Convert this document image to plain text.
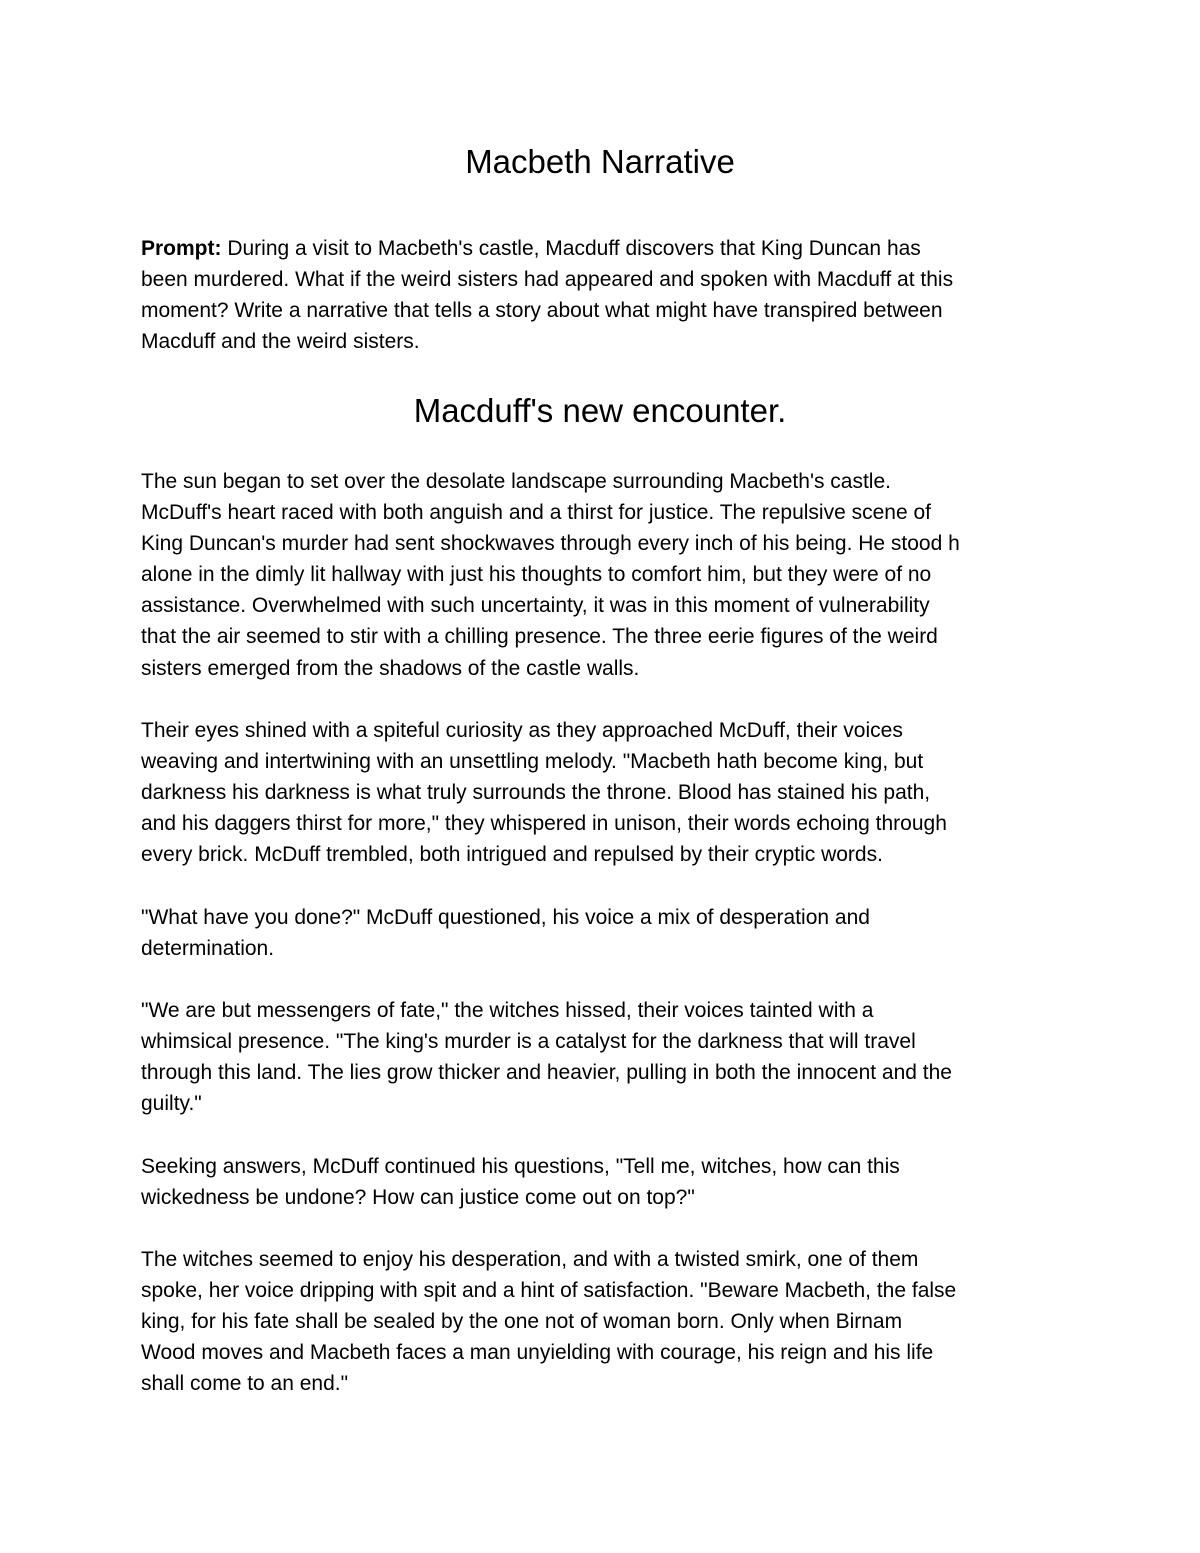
Macbeth Narrative

Prompt: During a visit to Macbeth's castle, Macduff discovers that King Duncan has
been murdered. What if the weird sisters had appeared and spoken with Macduff at this
moment? Write a narrative that tells a story about what might have transpired between
Macduff and the weird sisters.

Macduff's new encounter.

The sun began to set over the desolate landscape surrounding Macbeth's castle.
McDuff's heart raced with both anguish and a thirst for justice. The repulsive scene of
King Duncan's murder had sent shockwaves through every inch of his being. He stood h
alone in the dimly lit hallway with just his thoughts to comfort him, but they were of no
assistance. Overwhelmed with such uncertainty, it was in this moment of vulnerability
that the air seemed to stir with a chilling presence. The three eerie figures of the weird
sisters emerged from the shadows of the castle walls.

Their eyes shined with a spiteful curiosity as they approached McDuff, their voices
weaving and intertwining with an unsettling melody. "Macbeth hath become king, but
darkness his darkness is what truly surrounds the throne. Blood has stained his path,
and his daggers thirst for more," they whispered in unison, their words echoing through
every brick. McDuff trembled, both intrigued and repulsed by their cryptic words.

"What have you done?" McDuff questioned, his voice a mix of desperation and
determination.

"We are but messengers of fate," the witches hissed, their voices tainted with a
whimsical presence. "The king's murder is a catalyst for the darkness that will travel
through this land. The lies grow thicker and heavier, pulling in both the innocent and the
guilty."

Seeking answers, McDuff continued his questions, "Tell me, witches, how can this
wickedness be undone? How can justice come out on top?"

The witches seemed to enjoy his desperation, and with a twisted smirk, one of them
spoke, her voice dripping with spit and a hint of satisfaction. "Beware Macbeth, the false
king, for his fate shall be sealed by the one not of woman born. Only when Birnam
Wood moves and Macbeth faces a man unyielding with courage, his reign and his life
shall come to an end."
